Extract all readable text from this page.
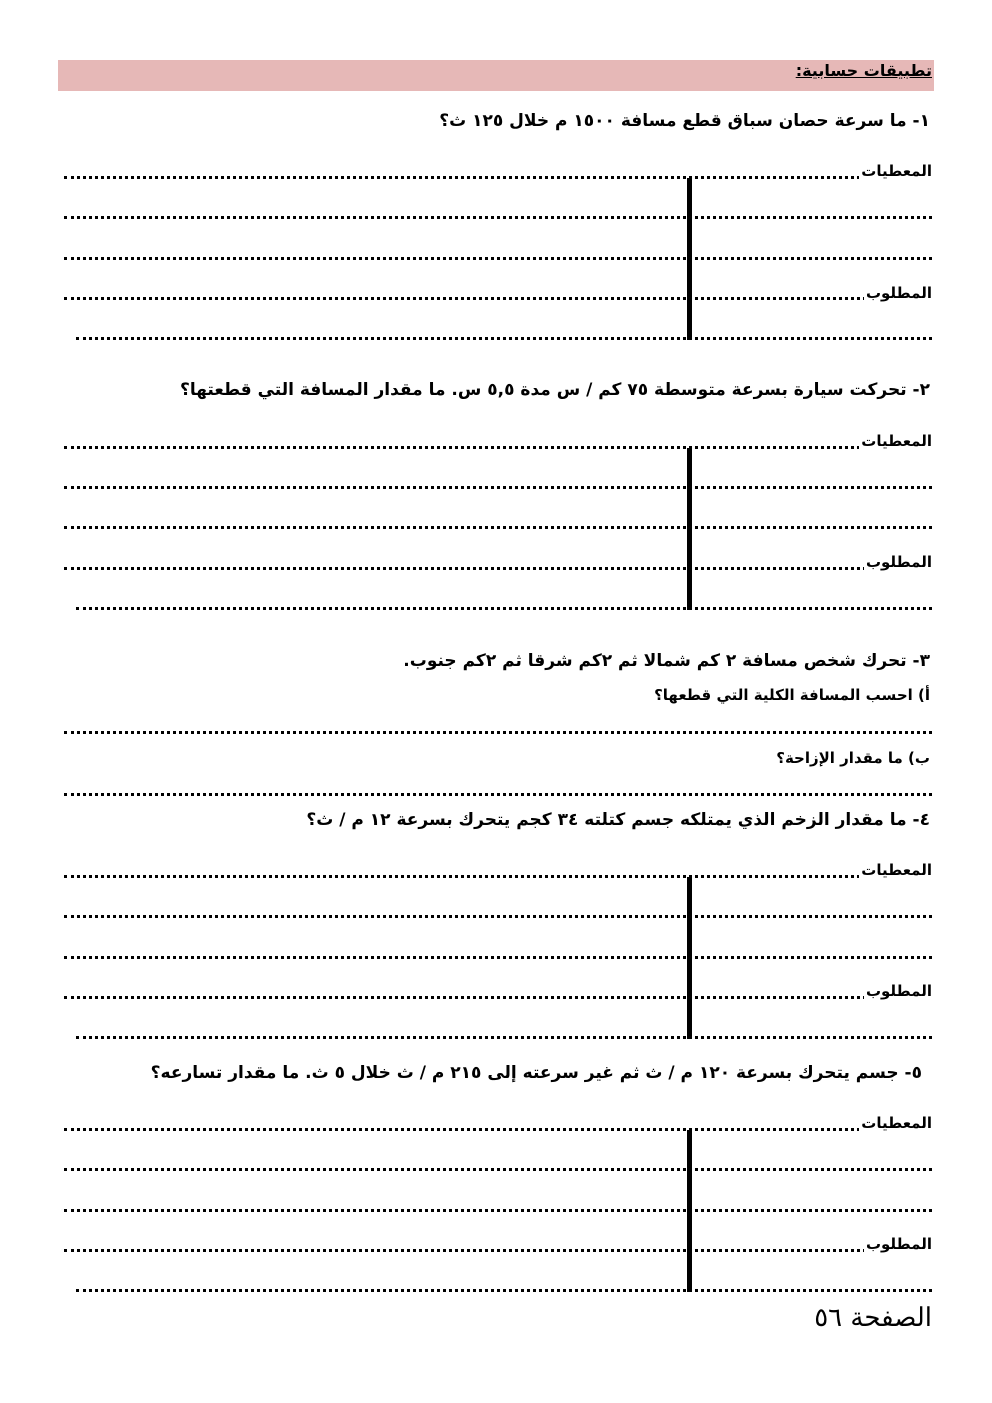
تطبيقات حسابية:
١- ما سرعة حصان سباق قطع مسافة ١٥٠٠ م خلال ١٢٥ ث؟
المعطيات
المطلوب
٢- تحركت سيارة بسرعة متوسطة ٧٥ كم / س مدة ٥,٥ س. ما مقدار المسافة التي قطعتها؟
المعطيات
المطلوب
٣- تحرك شخص مسافة ٢ كم شمالا ثم ٢كم شرقا ثم ٢كم جنوب.
أ) احسب المسافة الكلية التي قطعها؟
ب) ما مقدار الإزاحة؟
٤- ما مقدار الزخم الذي يمتلكه جسم كتلته ٣٤ كجم يتحرك بسرعة ١٢ م / ث؟
المعطيات
المطلوب
٥- جسم يتحرك بسرعة ١٢٠ م / ث ثم غير سرعته إلى ٢١٥ م / ث خلال ٥ ث. ما مقدار تسارعه؟
المعطيات
المطلوب
الصفحة ٥٦
